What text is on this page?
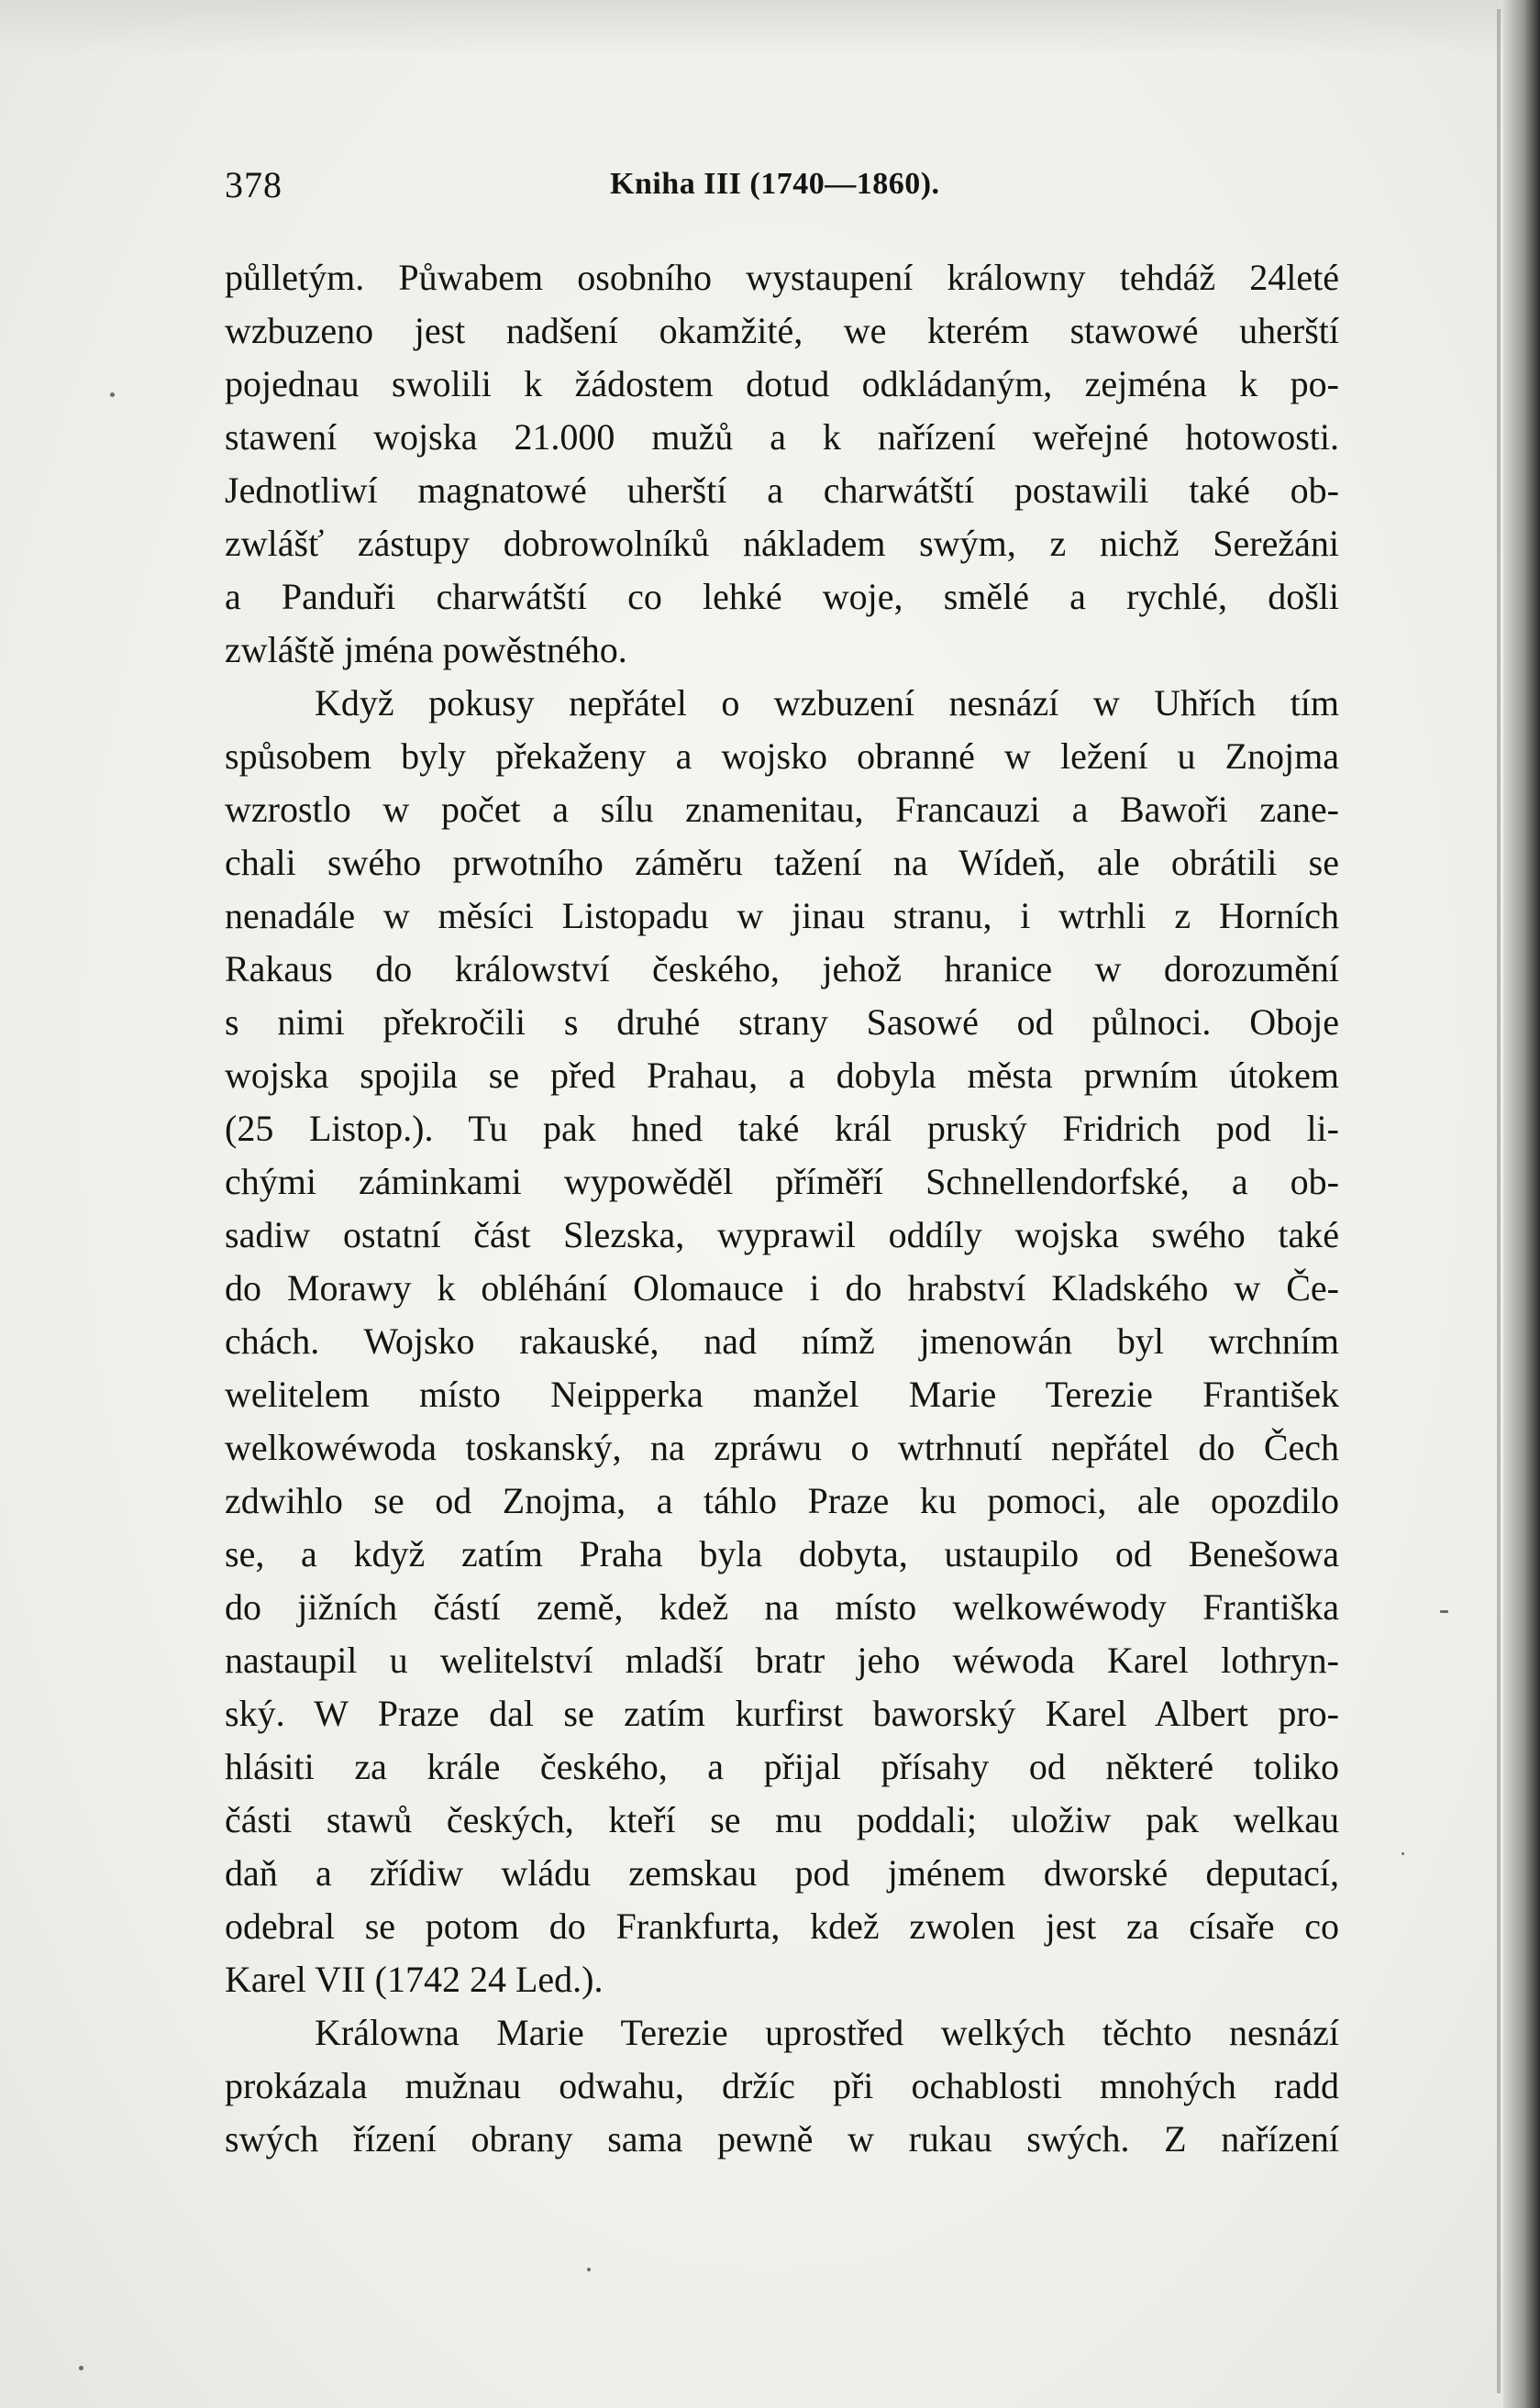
378	Kniha III (1740—1860).
půlletým. Půwabem osobního wystaupení králowny tehdáž 24leté
wzbuzeno jest nadšení okamžité, we kterém stawowé uherští
pojednau swolili k žádostem dotud odkládaným, zejména k po-
stawení wojska 21.000 mužů a k nařízení weřejné hotowosti.
Jednotliwí magnatowé uherští a charwátští postawili také ob-
zwlášť zástupy dobrowolníků nákladem swým, z nichž Serežáni
a Panduři charwátští co lehké woje, smělé a rychlé, došli
zwláště jména powěstného.
Když pokusy nepřátel o wzbuzení nesnází w Uhřích tím
spůsobem byly překaženy a wojsko obranné w ležení u Znojma
wzrostlo w počet a sílu znamenitau, Francauzi a Bawoři zane-
chali swého prwotního záměru tažení na Wídeň, ale obrátili se
nenadále w měsíci Listopadu w jinau stranu, i wtrhli z Horních
Rakaus do králowství českého, jehož hranice w dorozumění
s nimi překročili s druhé strany Sasowé od půlnoci. Oboje
wojska spojila se před Prahau, a dobyla města prwním útokem
(25 Listop.). Tu pak hned také král pruský Fridrich pod li-
chými záminkami wypowěděl příměří Schnellendorfské, a ob-
sadiw ostatní část Slezska, wyprawil oddíly wojska swého také
do Morawy k obléhání Olomauce i do hrabství Kladského w Če-
chách. Wojsko rakauské, nad nímž jmenowán byl wrchním
welitelem místo Neipperka manžel Marie Terezie František
welkowéwoda toskanský, na zpráwu o wtrhnutí nepřátel do Čech
zdwihlo se od Znojma, a táhlo Praze ku pomoci, ale opozdilo
se, a když zatím Praha byla dobyta, ustaupilo od Benešowa
do jižních částí země, kdež na místo welkowéwody Františka
nastaupil u welitelství mladší bratr jeho wéwoda Karel lothryn-
ský. W Praze dal se zatím kurfirst baworský Karel Albert pro-
hlásiti za krále českého, a přijal přísahy od některé toliko
části stawů českých, kteří se mu poddali; uložiw pak welkau
daň a zřídiw wládu zemskau pod jménem dworské deputací,
odebral se potom do Frankfurta, kdež zwolen jest za císaře co
Karel VII (1742 24 Led.).
Králowna Marie Terezie uprostřed welkých těchto nesnází
prokázala mužnau odwahu, držíc při ochablosti mnohých radd
swých řízení obrany sama pewně w rukau swých. Z nařízení
